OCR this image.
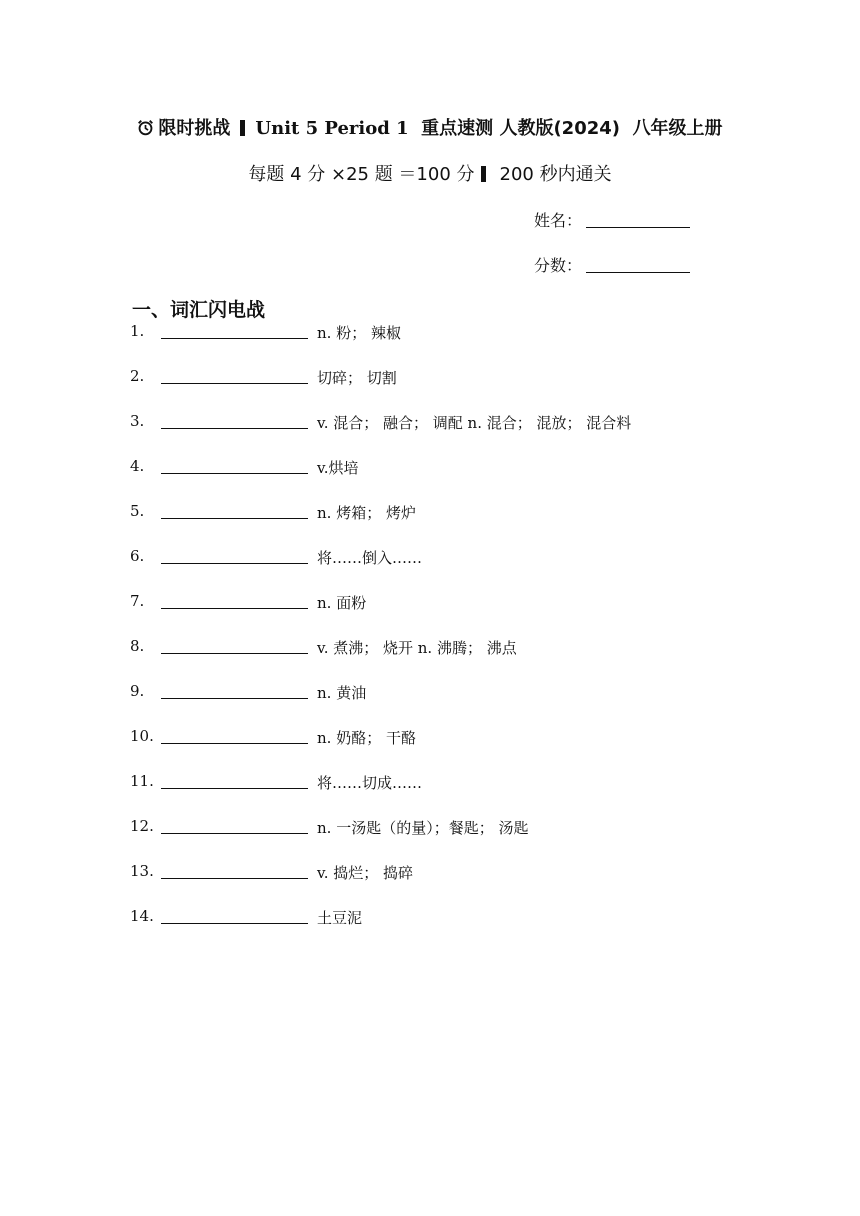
限时挑战 Unit 5 Period 1 重点速测 人教版(2024) 八年级上册
每题 4 分 ×25 题 ＝100 分 200 秒内通关
姓名：
分数：
一、词汇闪电战
1.	n. 粉； 辣椒
2.	切碎； 切割
3.	v. 混合； 融合； 调配 n. 混合； 混放； 混合料
4.	v.烘培
5.	n. 烤箱； 烤炉
6.	将……倒入……
7.	n. 面粉
8.	v. 煮沸； 烧开 n. 沸腾； 沸点
9.	n. 黄油
10.	n. 奶酪； 干酪
11.	将……切成……
12.	n. 一汤匙（的量）；餐匙； 汤匙
13.	v. 捣烂； 捣碎
14.	土豆泥
